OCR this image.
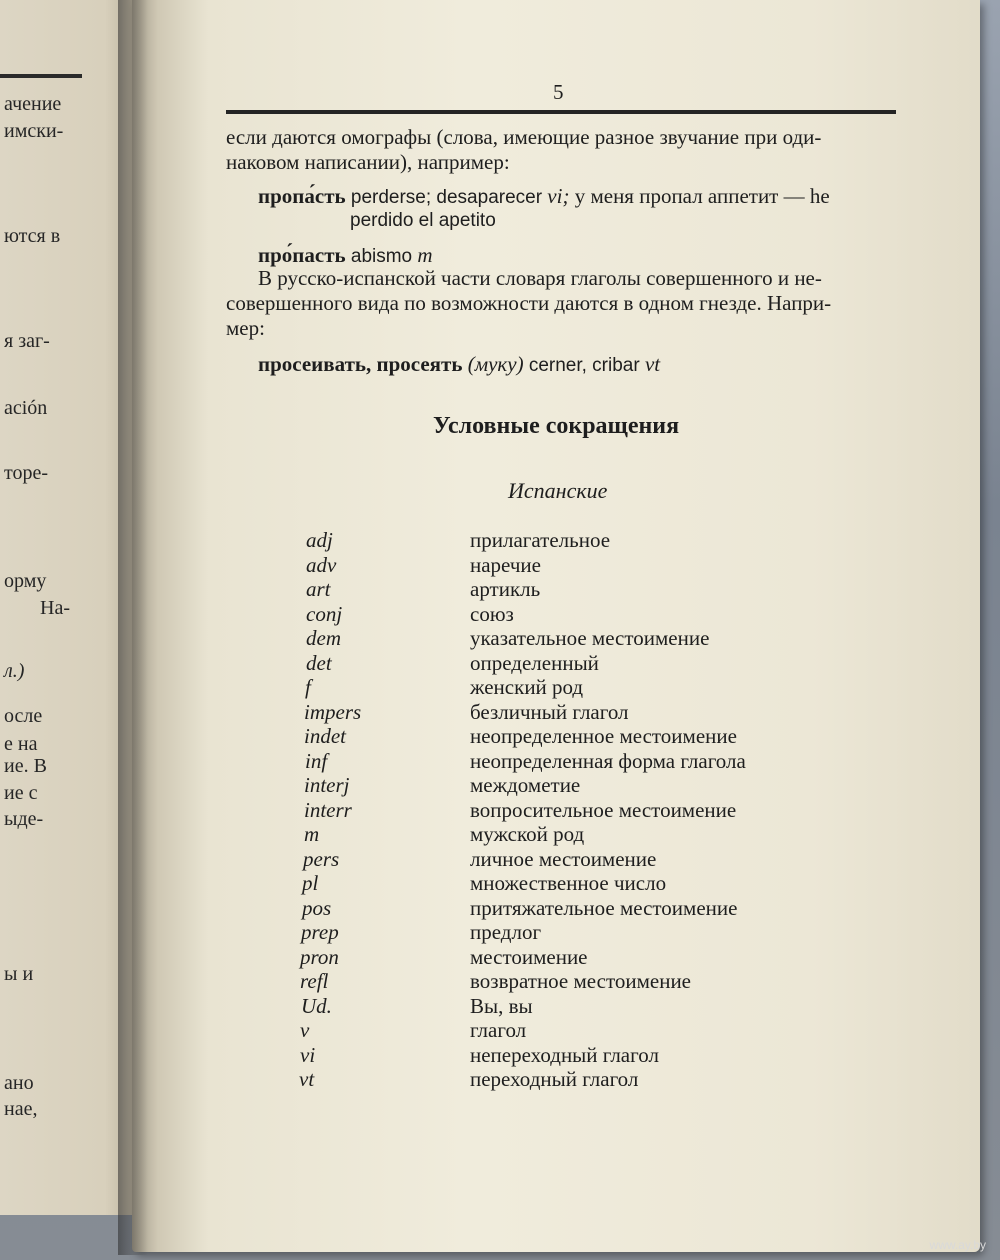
ачение
имски-
ются в
я заг-
ación
торе-
орму
На-
л.)
осле
е на
ие. В
ие с
ыде-
ы и
ано
нае,
5
если даются омографы (слова, имеющие разное звучание при оди-
наковом написании), например:
пропа́сть perderse; desaparecer vi; у меня пропал аппетит — he
perdido el apetito
про́пасть abismo m
В русско-испанской части словаря глаголы совершенного и не-
совершенного вида по возможности даются в одном гнезде. Напри-
мер:
просеивать, просеять (муку) cerner, cribar vt
Условные сокращения
Испанские
adj	прилагательное
adv	наречие
art	артикль
conj	союз
dem	указательное местоимение
det	определенный
f	женский род
impers	безличный глагол
indet	неопределенное местоимение
inf	неопределенная форма глагола
interj	междометие
interr	вопросительное местоимение
m	мужской род
pers	личное местоимение
pl	множественное число
pos	притяжательное местоимение
prep	предлог
pron	местоимение
refl	возвратное местоимение
Ud.	Вы, вы
v	глагол
vi	непереходный глагол
vt	переходный глагол
www.ay.by
